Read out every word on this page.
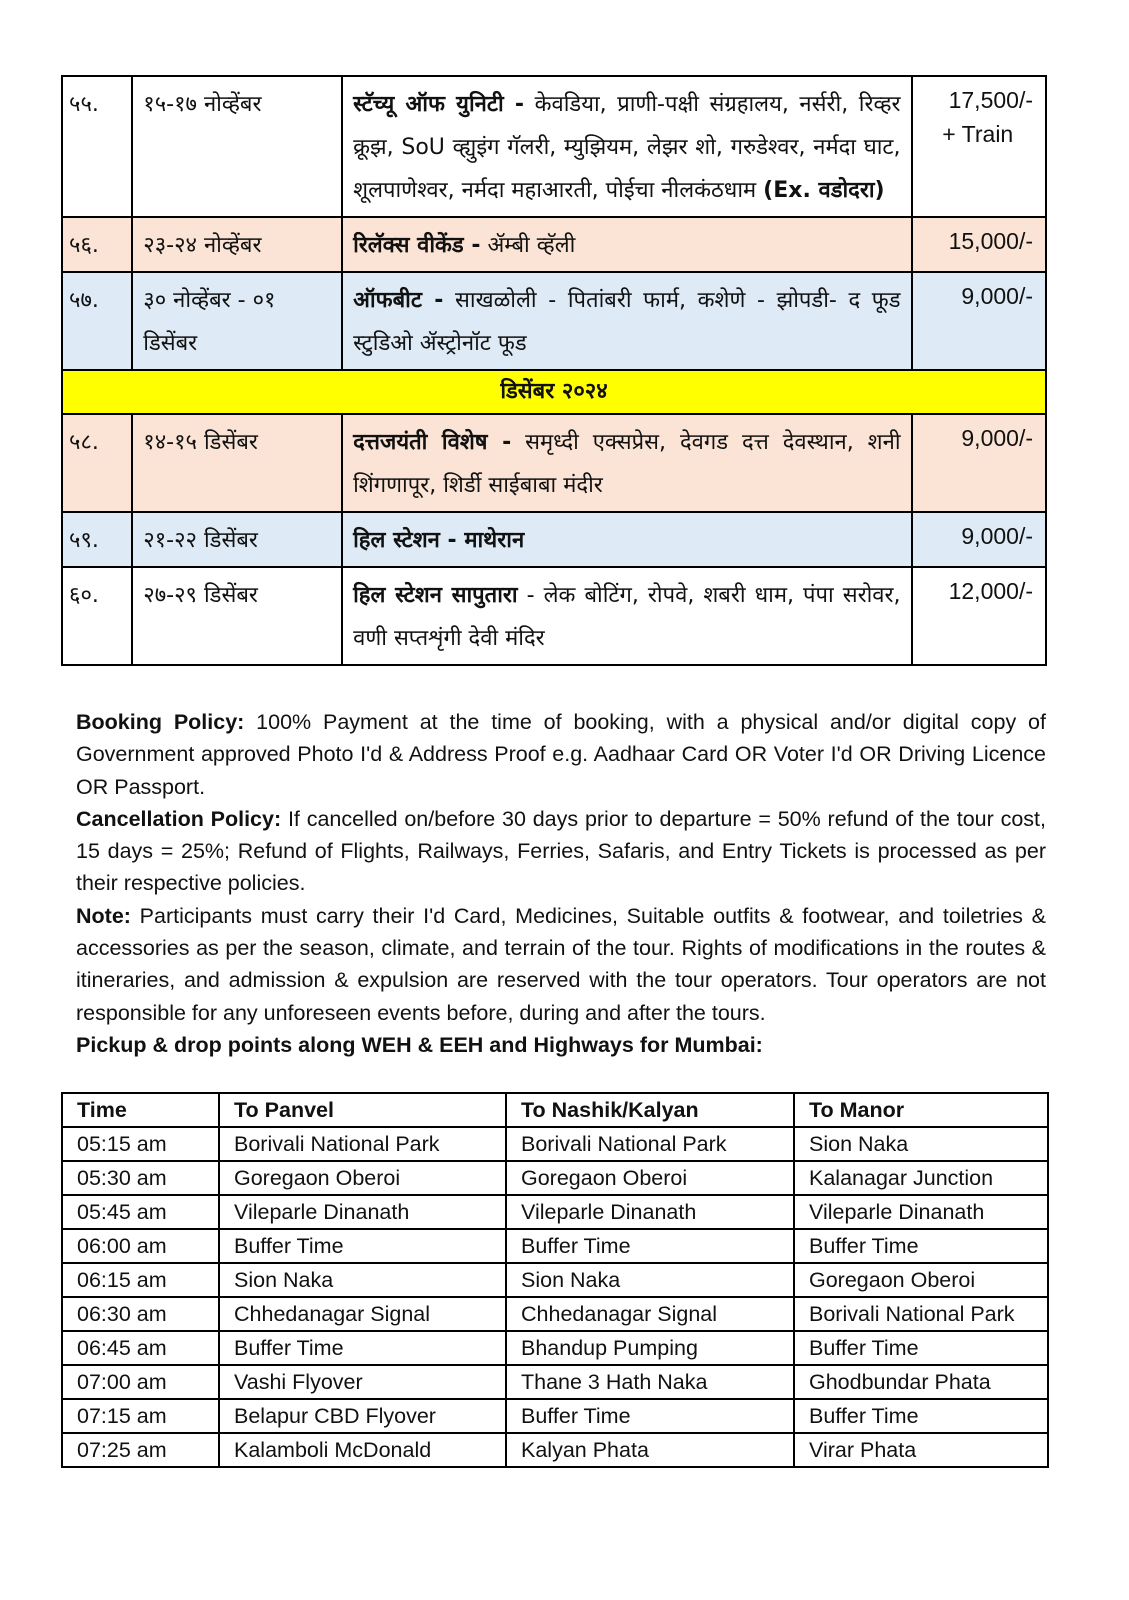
५५.	१५-१७ नोव्हेंबर	स्टॅच्यू ऑफ युनिटी - केवडिया, प्राणी-पक्षी संग्रहालय, नर्सरी, रिव्हर क्रूझ, SoU व्ह्युइंग गॅलरी, म्युझियम, लेझर शो, गरुडेश्वर, नर्मदा घाट, शूलपाणेश्वर, नर्मदा महाआरती, पोईचा नीलकंठधाम (Ex. वडोदरा)	17,500/-
+ Train

५६.	२३-२४ नोव्हेंबर	रिलॅक्स वीकेंड - ॲम्बी व्हॅली	15,000/-
५७.	३० नोव्हेंबर - ०१ डिसेंबर	ऑफबीट - साखळोली - पितांबरी फार्म, कशेणे - झोपडी- द फूड स्टुडिओ ॲस्ट्रोनॉट फूड	9,000/-
डिसेंबर २०२४			
५८.	१४-१५ डिसेंबर	दत्तजयंती विशेष - समृध्दी एक्सप्रेस, देवगड दत्त देवस्थान, शनी शिंगणापूर, शिर्डी साईबाबा मंदीर	9,000/-
५९.	२१-२२ डिसेंबर	हिल स्टेशन - माथेरान	9,000/-
६०.	२७-२९ डिसेंबर	हिल स्टेशन सापुतारा - लेक बोटिंग, रोपवे, शबरी धाम, पंपा सरोवर, वणी सप्तशृंगी देवी मंदिर	12,000/-

Booking Policy: 100% Payment at the time of booking, with a physical and/or digital copy of Government approved Photo I'd & Address Proof e.g. Aadhaar Card OR Voter I'd OR Driving Licence OR Passport.

Cancellation Policy: If cancelled on/before 30 days prior to departure = 50% refund of the tour cost, 15 days = 25%; Refund of Flights, Railways, Ferries, Safaris, and Entry Tickets is processed as per their respective policies.

Note: Participants must carry their I'd Card, Medicines, Suitable outfits & footwear, and toiletries & accessories as per the season, climate, and terrain of the tour. Rights of modifications in the routes & itineraries, and admission & expulsion are reserved with the tour operators. Tour operators are not responsible for any unforeseen events before, during and after the tours.

Pickup & drop points along WEH & EEH and Highways for Mumbai:

Time	To Panvel	To Nashik/Kalyan	To Manor
05:15 am	Borivali National Park	Borivali National Park	Sion Naka
05:30 am	Goregaon Oberoi	Goregaon Oberoi	Kalanagar Junction
05:45 am	Vileparle Dinanath	Vileparle Dinanath	Vileparle Dinanath
06:00 am	Buffer Time	Buffer Time	Buffer Time
06:15 am	Sion Naka	Sion Naka	Goregaon Oberoi
06:30 am	Chhedanagar Signal	Chhedanagar Signal	Borivali National Park
06:45 am	Buffer Time	Bhandup Pumping	Buffer Time
07:00 am	Vashi Flyover	Thane 3 Hath Naka	Ghodbundar Phata
07:15 am	Belapur CBD Flyover	Buffer Time	Buffer Time
07:25 am	Kalamboli McDonald	Kalyan Phata	Virar Phata
